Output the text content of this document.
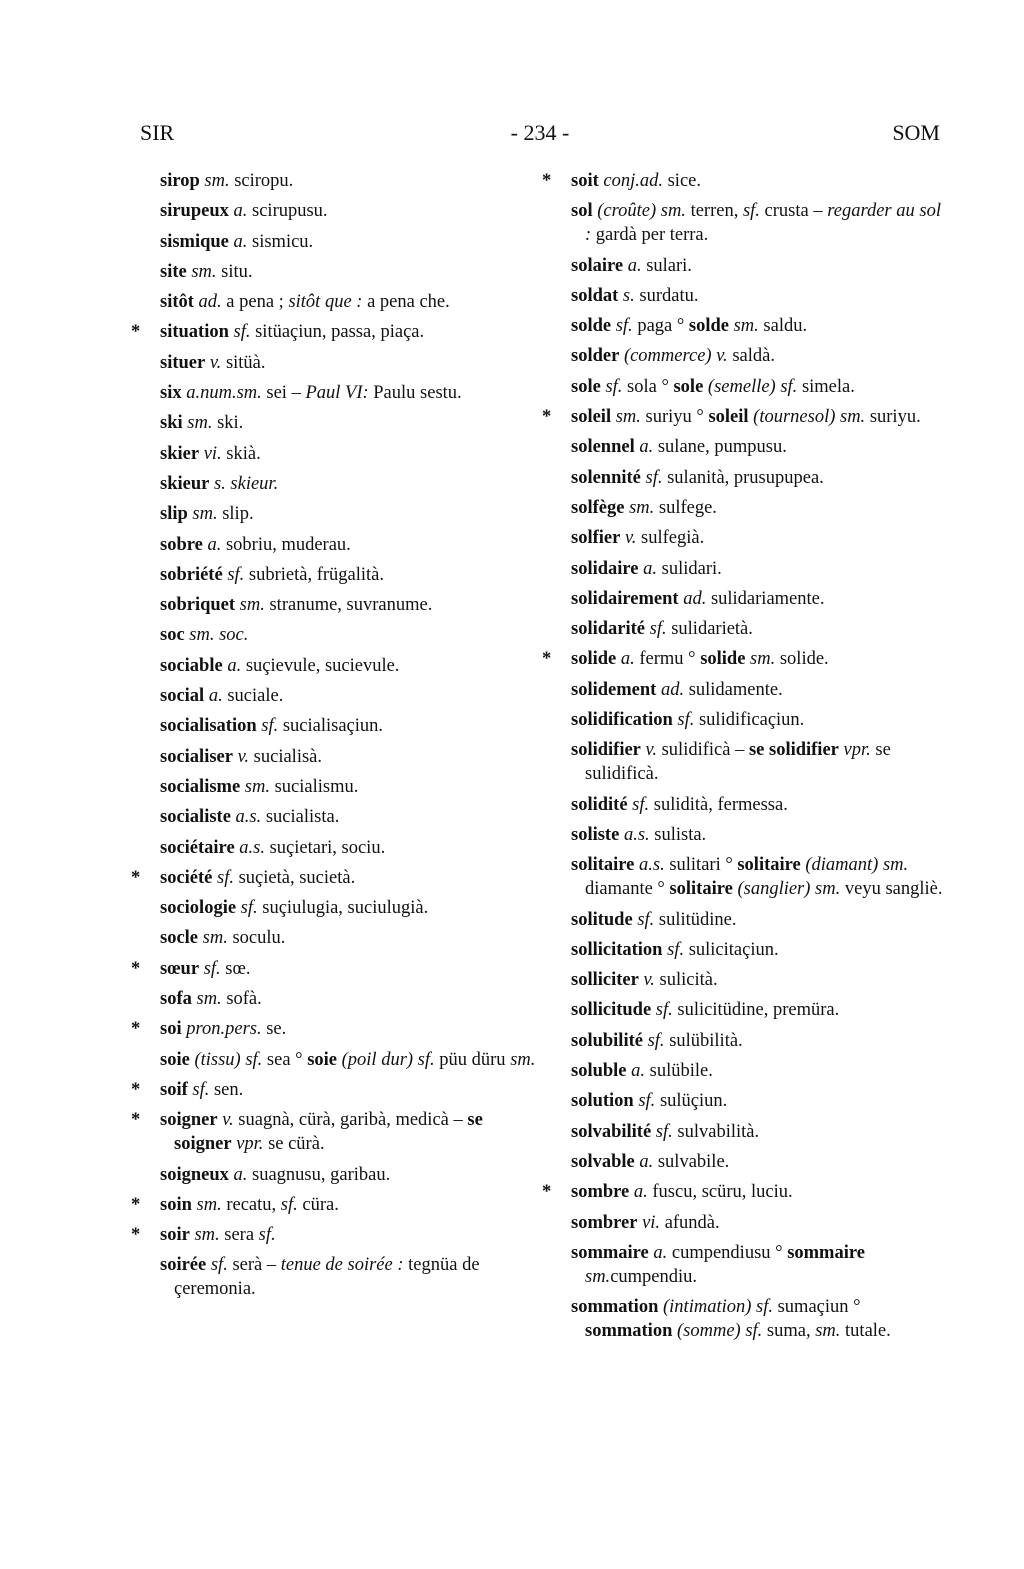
SIR	- 234 -	SOM
sirop sm. sciropu.
sirupeux a. scirupusu.
sismique a. sismicu.
site sm. situ.
sitôt ad. a pena ; sitôt que : a pena che.
* situation sf. sitüaçiun, passa, piaça.
situer v. sitüà.
six a.num.sm. sei – Paul VI: Paulu sestu.
ski sm. ski.
skier vi. skià.
skieur s. skieur.
slip sm. slip.
sobre a. sobriu, muderau.
sobriété sf. subrietà, frügalità.
sobriquet sm. stranume, suvranume.
soc sm. soc.
sociable a. suçievule, sucievule.
social a. suciale.
socialisation sf. sucialisaçiun.
socialiser v. sucialisà.
socialisme sm. sucialismu.
socialiste a.s. sucialista.
sociétaire a.s. suçietari, sociu.
* société sf. suçietà, sucietà.
sociologie sf. suçiulugia, suciulugià.
socle sm. soculu.
* sœur sf. sœ.
sofa sm. sofà.
* soi pron.pers. se.
soie (tissu) sf. sea ° soie (poil dur) sf. püu düru sm.
* soif sf. sen.
* soigner v. suagnà, cürà, garibà, medicà – se soigner vpr. se cürà.
soigneux a. suagnusu, garibau.
* soin sm. recatu, sf. cüra.
* soir sm. sera sf.
soirée sf. serà – tenue de soirée : tegnüa de çeremonia.
* soit conj.ad. sice.
sol (croûte) sm. terren, sf. crusta – regarder au sol : gardà per terra.
solaire a. sulari.
soldat s. surdatu.
solde sf. paga ° solde sm. saldu.
solder (commerce) v. saldà.
sole sf. sola ° sole (semelle) sf. simela.
* soleil sm. suriyu ° soleil (tournesol) sm. suriyu.
solennel a. sulane, pumpusu.
solennité sf. sulanità, prusupupea.
solfège sm. sulfege.
solfier v. sulfegià.
solidaire a. sulidari.
solidairement ad. sulidariamente.
solidarité sf. sulidarietà.
* solide a. fermu ° solide sm. solide.
solidement ad. sulidamente.
solidification sf. sulidificaçiun.
solidifier v. sulidificà – se solidifier vpr. se sulidificà.
solidité sf. sulidità, fermessa.
soliste a.s. sulista.
solitaire a.s. sulitari ° solitaire (diamant) sm. diamante ° solitaire (sanglier) sm. veyu sangliè.
solitude sf. sulitüdine.
sollicitation sf. sulicitaçiun.
solliciter v. sulicità.
sollicitude sf. sulicitüdine, premüra.
solubilité sf. sulübilità.
soluble a. sulübile.
solution sf. sulüçiun.
solvabilité sf. sulvabilità.
solvable a. sulvabile.
* sombre a. fuscu, scüru, luciu.
sombrer vi. afundà.
sommaire a. cumpendiusu ° sommaire sm.cumpendiu.
sommation (intimation) sf. sumaçiun ° sommation (somme) sf. suma, sm. tutale.
